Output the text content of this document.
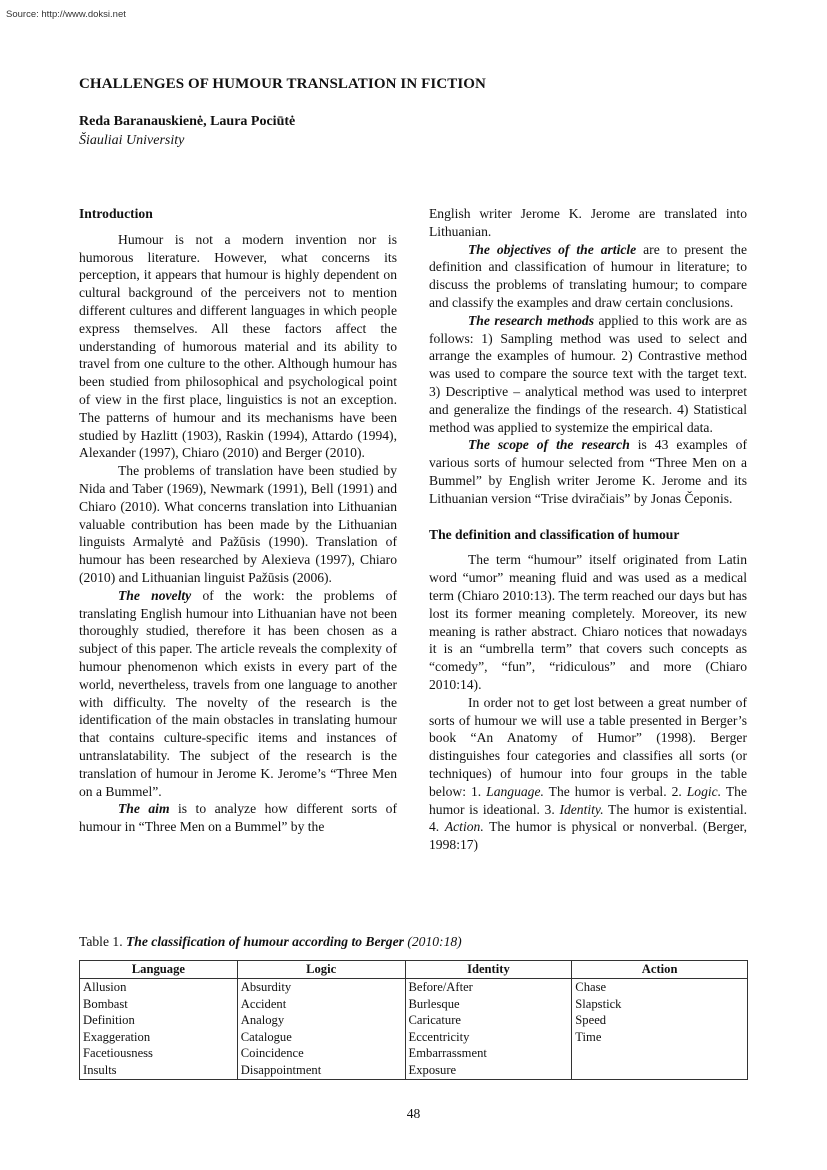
Source: http://www.doksi.net
CHALLENGES OF HUMOUR TRANSLATION IN FICTION
Reda Baranauskienė, Laura Pociūtė
Šiauliai University
Introduction

Humour is not a modern invention nor is humorous literature. However, what concerns its perception, it appears that humour is highly dependent on cultural background of the perceivers not to mention different cultures and different languages in which people express themselves. All these factors affect the understanding of humorous material and its ability to travel from one culture to the other. Although humour has been studied from philosophical and psychological point of view in the first place, linguistics is not an exception. The patterns of humour and its mechanisms have been studied by Hazlitt (1903), Raskin (1994), Attardo (1994), Alexander (1997), Chiaro (2010) and Berger (2010).

The problems of translation have been studied by Nida and Taber (1969), Newmark (1991), Bell (1991) and Chiaro (2010). What concerns translation into Lithuanian valuable contribution has been made by the Lithuanian linguists Armalytė and Pažūsis (1990). Translation of humour has been researched by Alexieva (1997), Chiaro (2010) and Lithuanian linguist Pažūsis (2006).

The novelty of the work: the problems of translating English humour into Lithuanian have not been thoroughly studied, therefore it has been chosen as a subject of this paper. The article reveals the complexity of humour phenomenon which exists in every part of the world, nevertheless, travels from one language to another with difficulty. The novelty of the research is the identification of the main obstacles in translating humour that contains culture-specific items and instances of untranslatability. The subject of the research is the translation of humour in Jerome K. Jerome’s “Three Men on a Bummel”.

The aim is to analyze how different sorts of humour in “Three Men on a Bummel” by the

English writer Jerome K. Jerome are translated into Lithuanian.

The objectives of the article are to present the definition and classification of humour in literature; to discuss the problems of translating humour; to compare and classify the examples and draw certain conclusions.

The research methods applied to this work are as follows: 1) Sampling method was used to select and arrange the examples of humour. 2) Contrastive method was used to compare the source text with the target text. 3) Descriptive – analytical method was used to interpret and generalize the findings of the research. 4) Statistical method was applied to systemize the empirical data.

The scope of the research is 43 examples of various sorts of humour selected from “Three Men on a Bummel” by English writer Jerome K. Jerome and its Lithuanian version “Trise dviračiais” by Jonas Čeponis.

The definition and classification of humour

The term “humour” itself originated from Latin word “umor” meaning fluid and was used as a medical term (Chiaro 2010:13). The term reached our days but has lost its former meaning completely. Moreover, its new meaning is rather abstract. Chiaro notices that nowadays it is an “umbrella term” that covers such concepts as “comedy”, “fun”, “ridiculous” and more (Chiaro 2010:14).

In order not to get lost between a great number of sorts of humour we will use a table presented in Berger’s book “An Anatomy of Humor” (1998). Berger distinguishes four categories and classifies all sorts (or techniques) of humour into four groups in the table below: 1. Language. The humor is verbal. 2. Logic. The humor is ideational. 3. Identity. The humor is existential. 4. Action. The humor is physical or nonverbal. (Berger, 1998:17)

Table 1. The classification of humour according to Berger (2010:18)
Language	Logic	Identity	Action
Allusion	Absurdity	Before/After	Chase
Bombast	Accident	Burlesque	Slapstick
Definition	Analogy	Caricature	Speed
Exaggeration	Catalogue	Eccentricity	Time
Facetiousness	Coincidence	Embarrassment	
Insults	Disappointment	Exposure	
48
